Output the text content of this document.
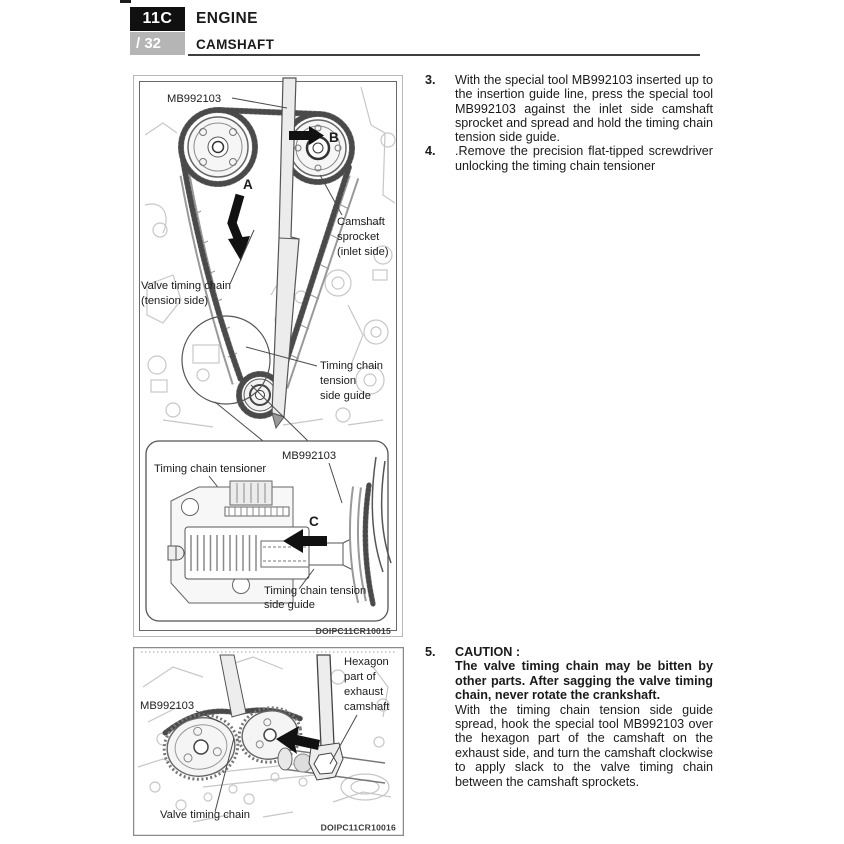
11C
/ 32
ENGINE
CAMSHAFT
3.	With the special tool MB992103 inserted up to the insertion guide line, press the special tool MB992103 against the inlet side camshaft sprocket and spread and hold the timing chain tension side guide.
4.	.Remove the precision flat-tipped screwdriver unlocking the timing chain tensioner
5.	CAUTION :
The valve timing chain may be bitten by other parts. After sagging the valve timing chain, never rotate the crankshaft.
With the timing chain tension side guide spread, hook the special tool MB992103 over the hexagon part of the camshaft on the exhaust side, and turn the camshaft clockwise to apply slack to the valve timing chain between the camshaft sprockets.
A
B
MB992103
Camshaft
sprocket
(inlet side)
Valve timing chain
(tension side)
Timing chain
tension
side guide
MB992103
Timing chain tensioner
C
Timing chain tension
side guide
DOIPC11CR10015
Hexagon
part of
exhaust
camshaft
MB992103
Valve timing chain
DOIPC11CR10016
